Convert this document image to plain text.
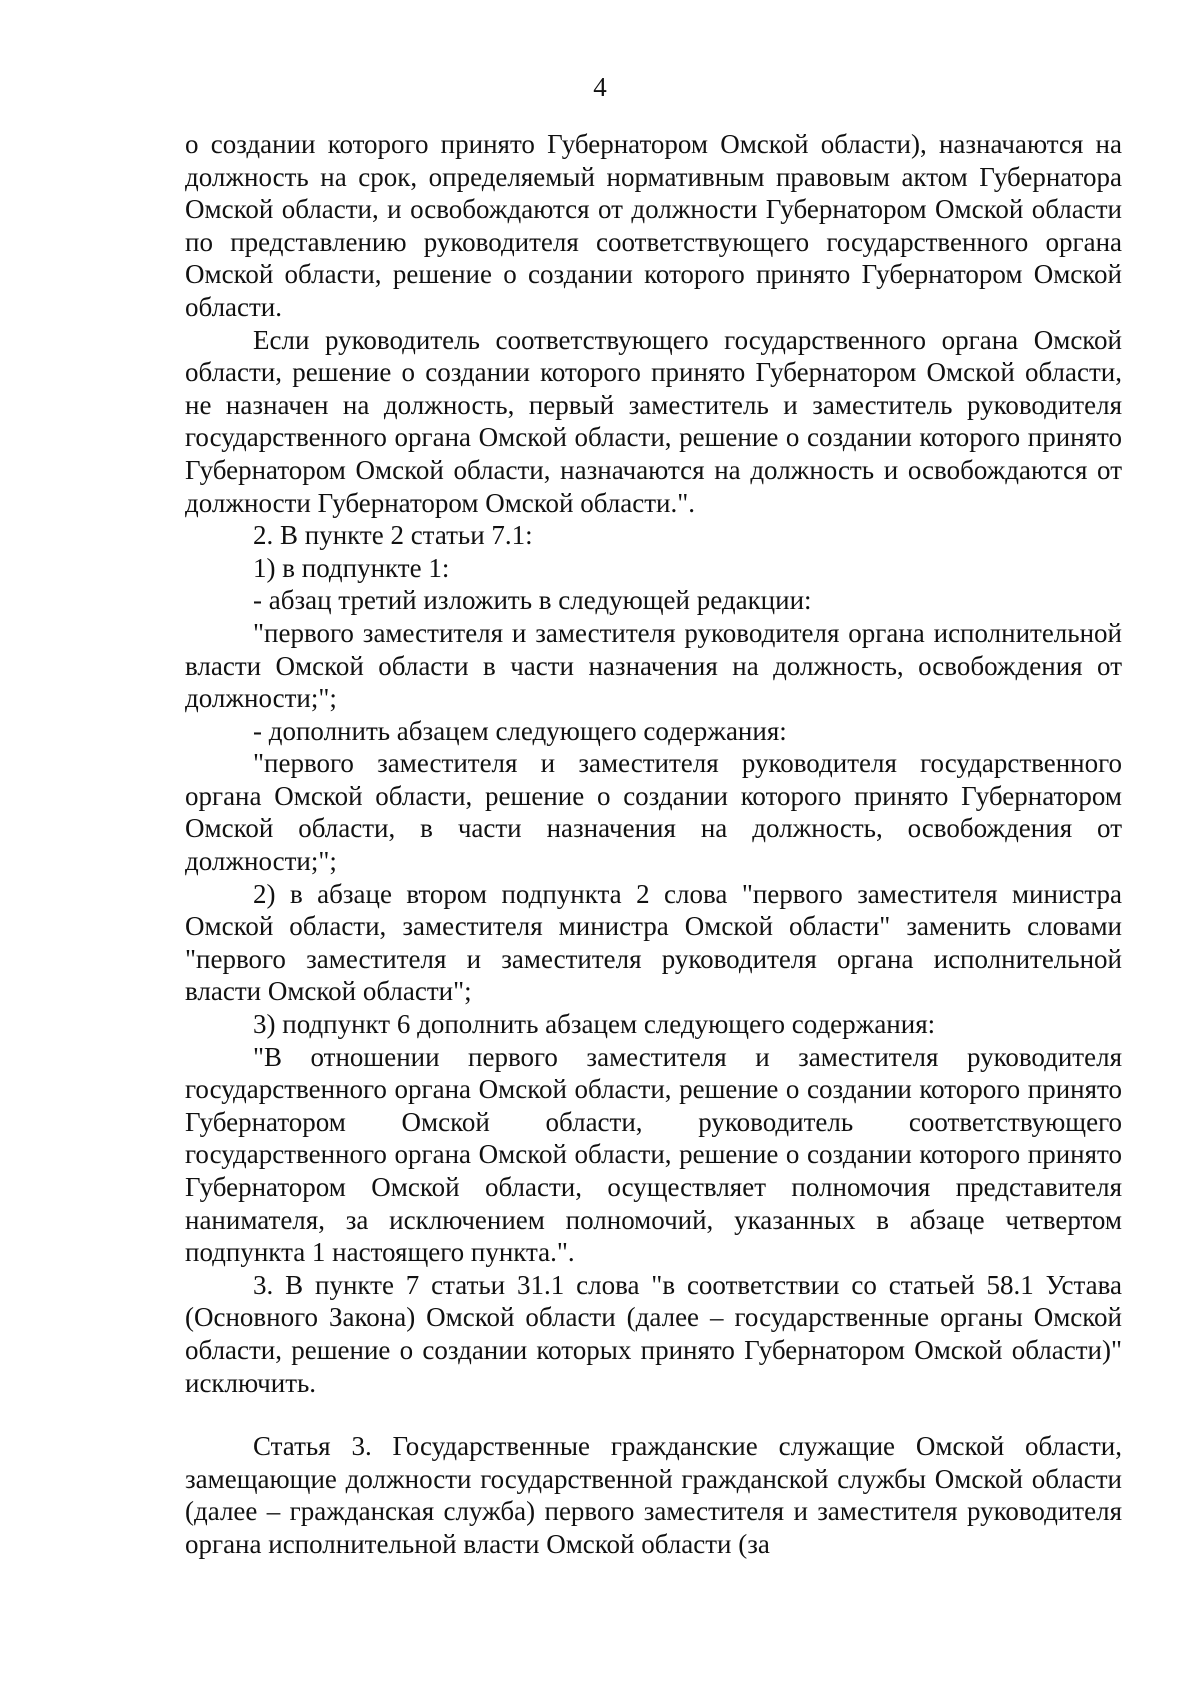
4

о создании которого принято Губернатором Омской области), назначаются на должность на срок, определяемый нормативным правовым актом Губернатора Омской области, и освобождаются от должности Губернатором Омской области по представлению руководителя соответствующего государственного органа Омской области, решение о создании которого принято Губернатором Омской области.

Если руководитель соответствующего государственного органа Омской области, решение о создании которого принято Губернатором Омской области, не назначен на должность, первый заместитель и заместитель руководителя государственного органа Омской области, решение о создании которого принято Губернатором Омской области, назначаются на должность и освобождаются от должности Губернатором Омской области.".

2. В пункте 2 статьи 7.1:

1) в подпункте 1:

- абзац третий изложить в следующей редакции:

"первого заместителя и заместителя руководителя органа исполнительной власти Омской области в части назначения на должность, освобождения от должности;";

- дополнить абзацем следующего содержания:

"первого заместителя и заместителя руководителя государственного органа Омской области, решение о создании которого принято Губернатором Омской области, в части назначения на должность, освобождения от должности;";

2) в абзаце втором подпункта 2 слова "первого заместителя министра Омской области, заместителя министра Омской области" заменить словами "первого заместителя и заместителя руководителя органа исполнительной власти Омской области";

3) подпункт 6 дополнить абзацем следующего содержания:

"В отношении первого заместителя и заместителя руководителя государственного органа Омской области, решение о создании которого принято Губернатором Омской области, руководитель соответствующего государственного органа Омской области, решение о создании которого принято Губернатором Омской области, осуществляет полномочия представителя нанимателя, за исключением полномочий, указанных в абзаце четвертом подпункта 1 настоящего пункта.".

3. В пункте 7 статьи 31.1 слова "в соответствии со статьей 58.1 Устава (Основного Закона) Омской области (далее – государственные органы Омской области, решение о создании которых принято Губернатором Омской области)" исключить.

Статья 3. Государственные гражданские служащие Омской области, замещающие должности государственной гражданской службы Омской области (далее – гражданская служба) первого заместителя и заместителя руководителя органа исполнительной власти Омской области (за
